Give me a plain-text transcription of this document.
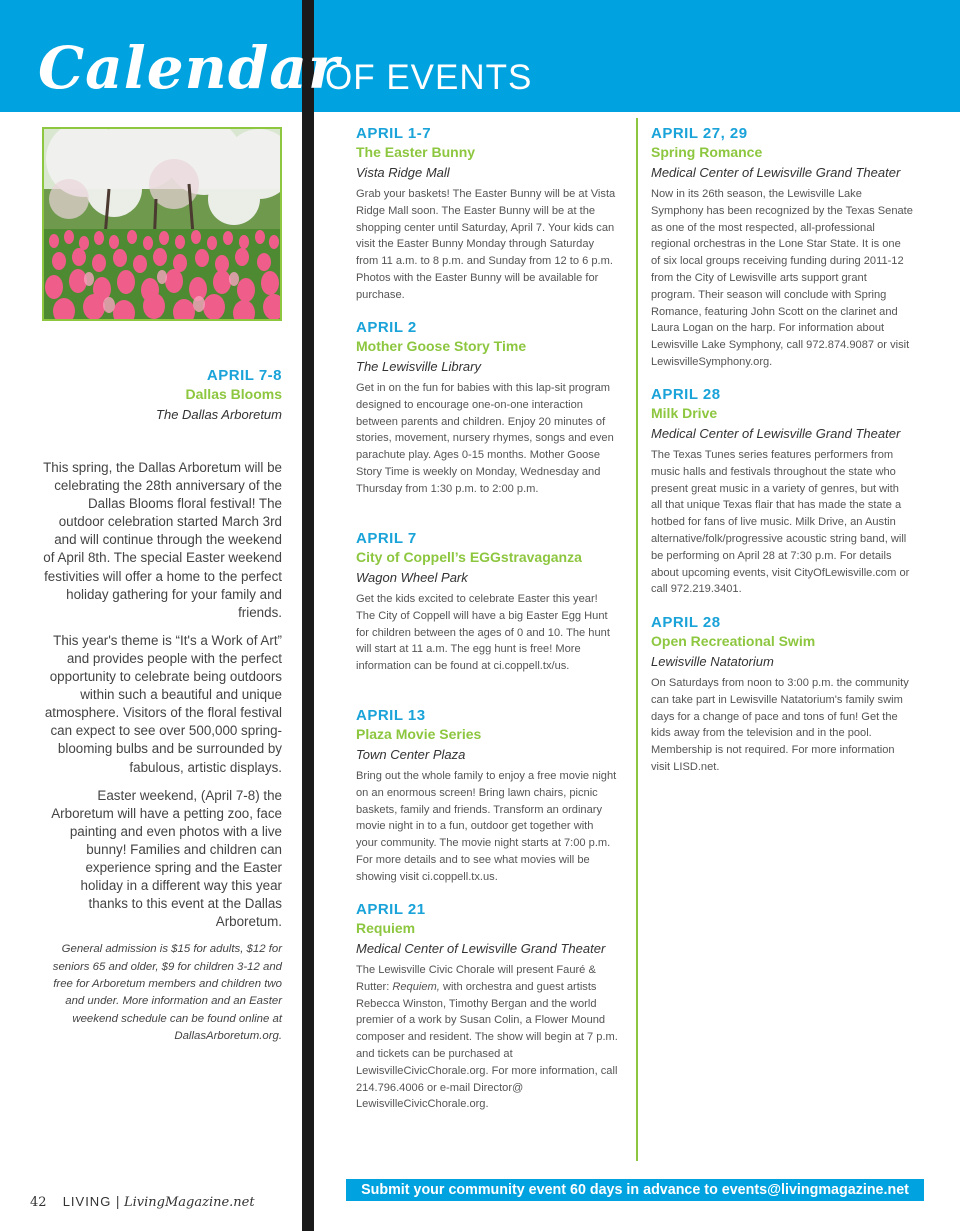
Calendar
OF EVENTS
APRIL 7-8
Dallas Blooms
The Dallas Arboretum

This spring, the Dallas Arboretum will be celebrating the 28th anniversary of the Dallas Blooms floral festival! The outdoor celebration started March 3rd and will continue through the weekend of April 8th. The special Easter weekend festivities will offer a home to the perfect holiday gathering for your family and friends.

This year's theme is “It's a Work of Art” and provides people with the perfect opportunity to celebrate being outdoors within such a beautiful and unique atmosphere. Visitors of the floral festival can expect to see over 500,000 spring-blooming bulbs and be surrounded by fabulous, artistic displays.

Easter weekend, (April 7-8) the Arboretum will have a petting zoo, face painting and even photos with a live bunny! Families and children can experience spring and the Easter holiday in a different way this year thanks to this event at the Dallas Arboretum.

General admission is $15 for adults, $12 for seniors 65 and older, $9 for children 3-12 and free for Arboretum members and children two and under. More information and an Easter weekend schedule can be found online at DallasArboretum.org.

APRIL 1-7
The Easter Bunny
Vista Ridge Mall
Grab your baskets! The Easter Bunny will be at Vista Ridge Mall soon. The Easter Bunny will be at the shopping center until Saturday, April 7. Your kids can visit the Easter Bunny Monday through Saturday from 11 a.m. to 8 p.m. and Sunday from 12 to 6 p.m. Photos with the Easter Bunny will be available for purchase.
APRIL 2
Mother Goose Story Time
The Lewisville Library
Get in on the fun for babies with this lap-sit program designed to encourage one-on-one interaction between parents and children. Enjoy 20 minutes of stories, movement, nursery rhymes, songs and even parachute play. Ages 0-15 months. Mother Goose Story Time is weekly on Monday, Wednesday and Thursday from 1:30 p.m. to 2:00 p.m.
APRIL 7
City of Coppell’s EGGstravaganza
Wagon Wheel Park
Get the kids excited to celebrate Easter this year! The City of Coppell will have a big Easter Egg Hunt for children between the ages of 0 and 10. The hunt will start at 11 a.m. The egg hunt is free! More information can be found at ci.coppell.tx/us.
APRIL 13
Plaza Movie Series
Town Center Plaza
Bring out the whole family to enjoy a free movie night on an enormous screen! Bring lawn chairs, picnic baskets, family and friends. Transform an ordinary movie night in to a fun, outdoor get together with your community. The movie night starts at 7:00 p.m. For more details and to see what movies will be showing visit ci.coppell.tx.us.
APRIL 21
Requiem
Medical Center of Lewisville Grand Theater
The Lewisville Civic Chorale will present Fauré & Rutter: Requiem, with orchestra and guest artists Rebecca Winston, Timothy Bergan and the world premier of a work by Susan Colin, a Flower Mound composer and resident. The show will begin at 7 p.m. and tickets can be purchased at LewisvilleCivicChorale.org. For more information, call 214.796.4006 or e-mail Director@ LewisvilleCivicChorale.org.
APRIL 27, 29
Spring Romance
Medical Center of Lewisville Grand Theater
Now in its 26th season, the Lewisville Lake Symphony has been recognized by the Texas Senate as one of the most respected, all-professional regional orchestras in the Lone Star State. It is one of six local groups receiving funding during 2011-12 from the City of Lewisville arts support grant program. Their season will conclude with Spring Romance, featuring John Scott on the clarinet and Laura Logan on the harp. For information about Lewisville Lake Symphony, call 972.874.9087 or visit LewisvilleSymphony.org.
APRIL 28
Milk Drive
Medical Center of Lewisville Grand Theater
The Texas Tunes series features performers from music halls and festivals throughout the state who present great music in a variety of genres, but with all that unique Texas flair that has made the state a hotbed for fans of live music. Milk Drive, an Austin alternative/folk/progressive acoustic string band, will be performing on April 28 at 7:30 p.m. For details about upcoming events, visit CityOfLewisville.com or call 972.219.3401.
APRIL 28
Open Recreational Swim
Lewisville Natatorium
On Saturdays from noon to 3:00 p.m. the community can take part in Lewisville Natatorium's family swim days for a change of pace and tons of fun! Get the kids away from the television and in the pool. Membership is not required. For more information visit LISD.net.
Submit your community event 60 days in advance to events@livingmagazine.net
42 LIVING | LivingMagazine.net
